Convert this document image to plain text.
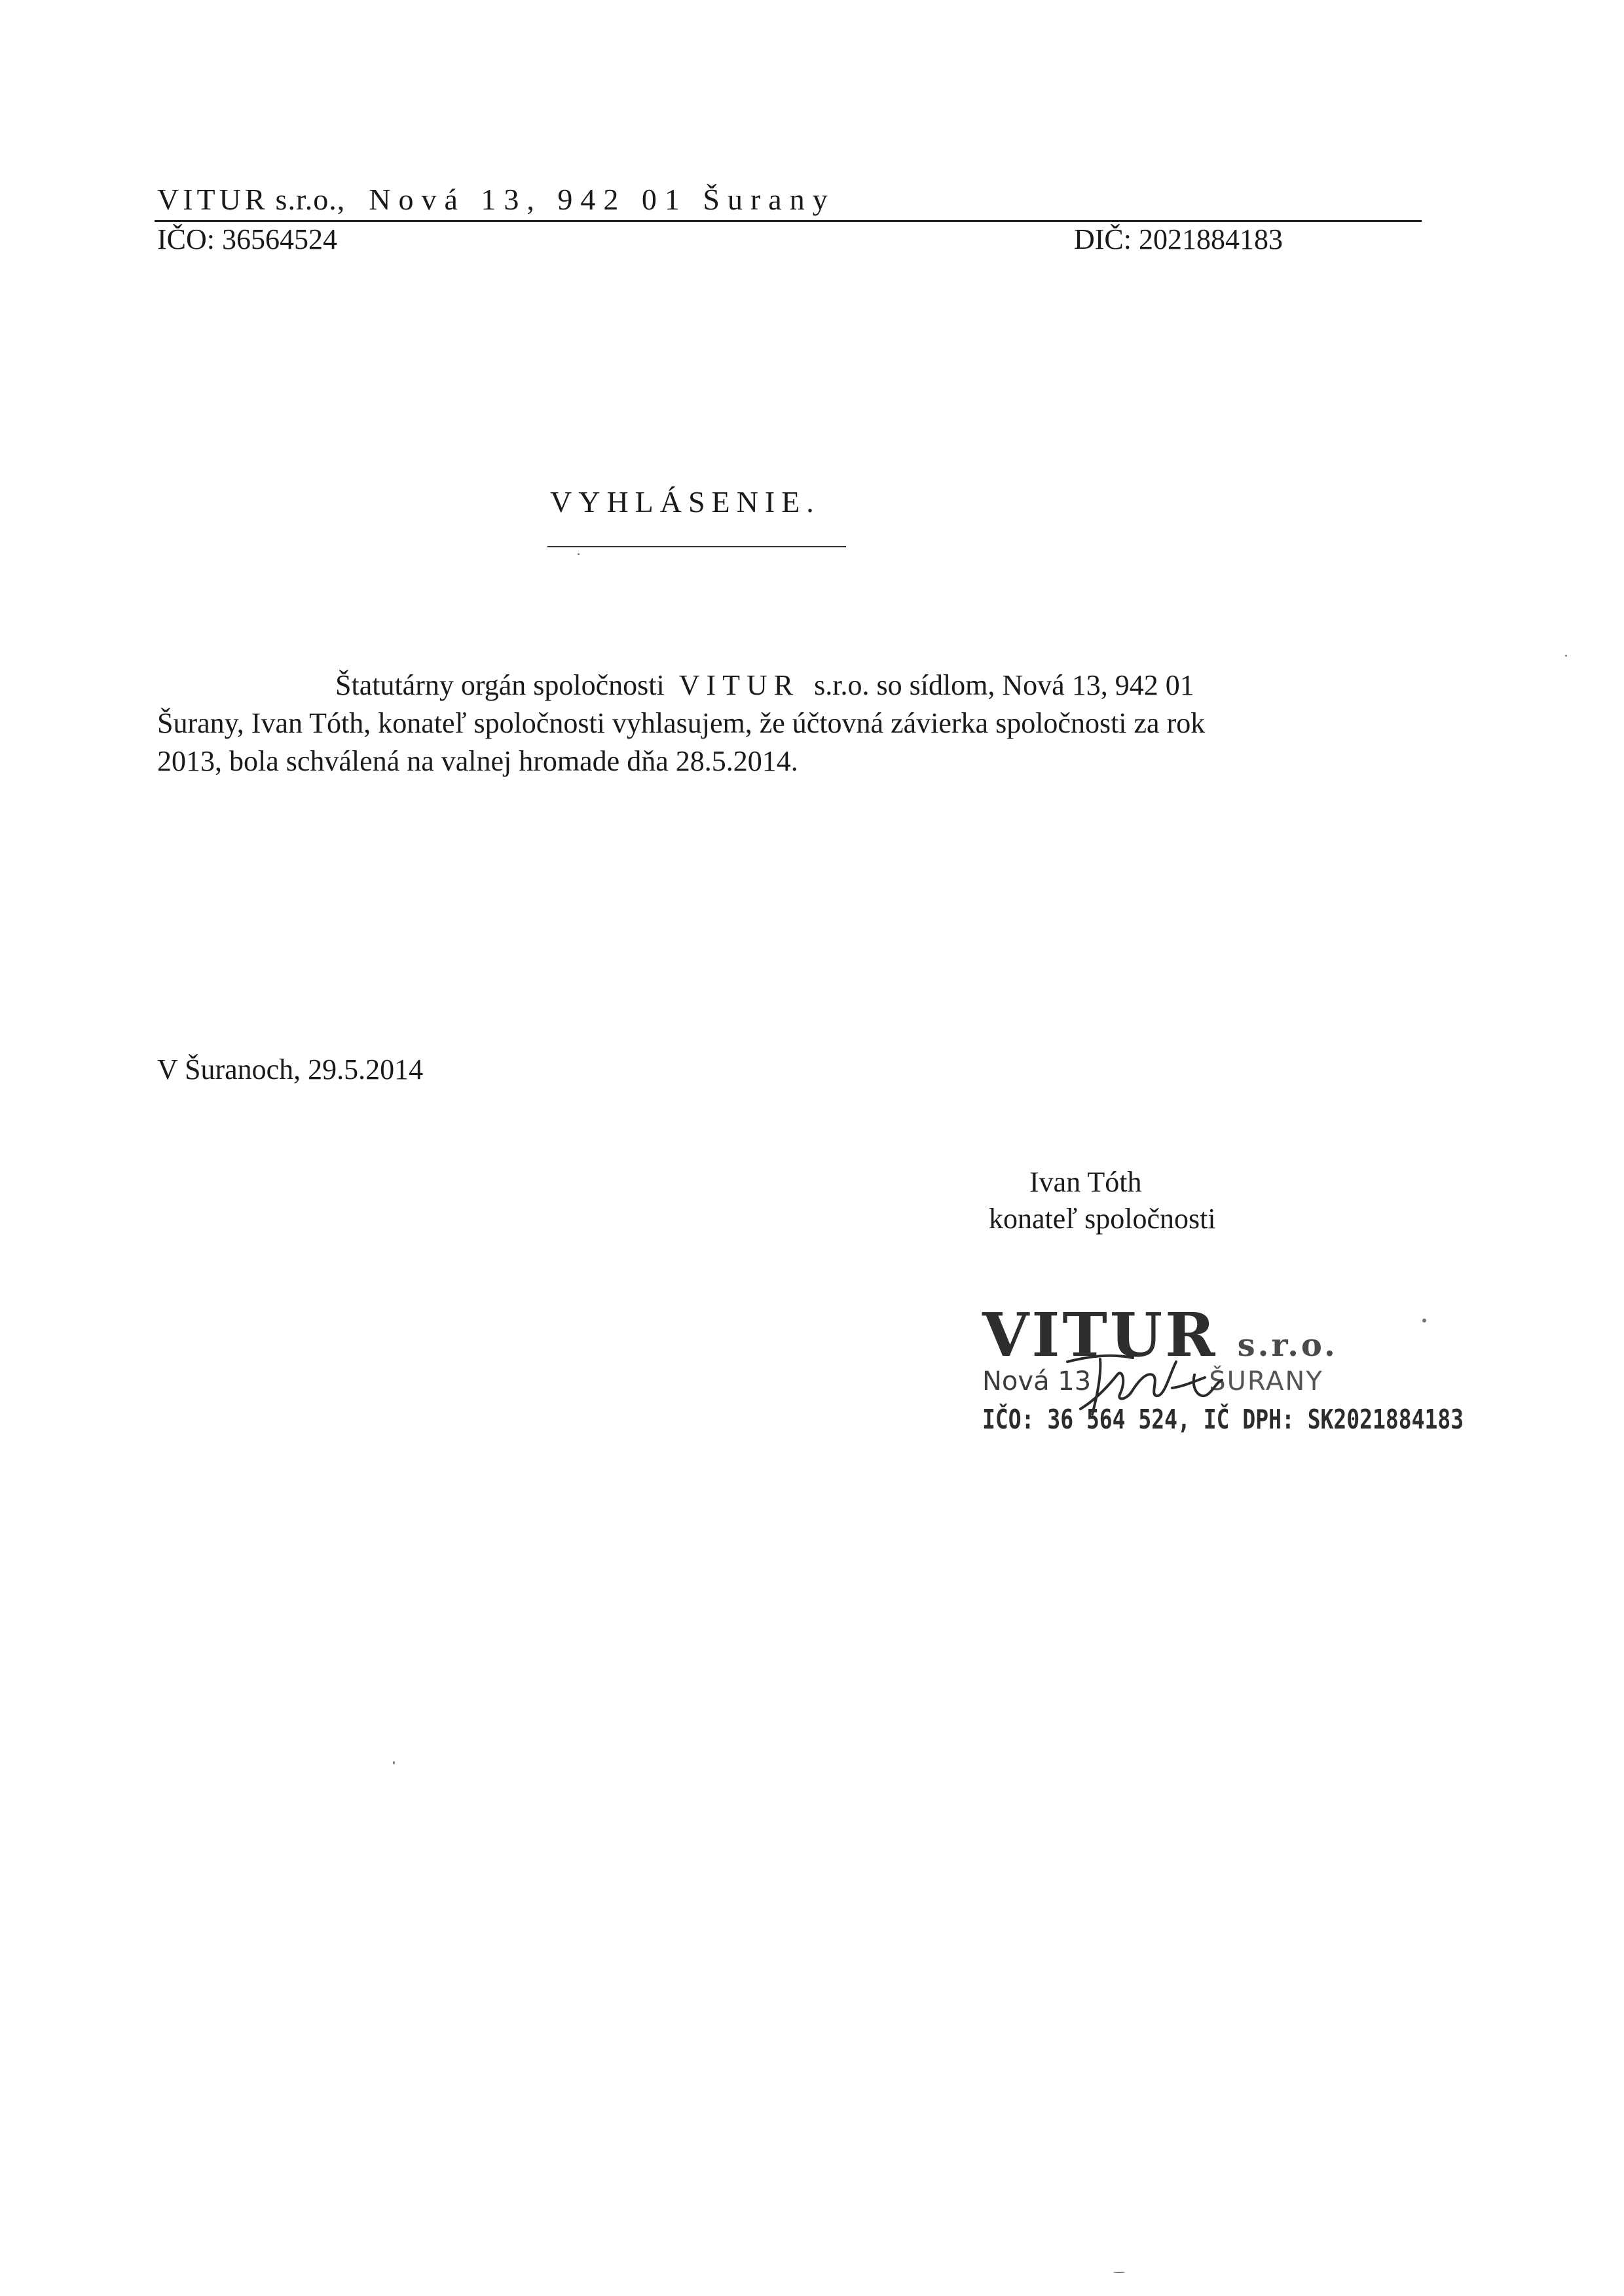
VITUR s.r.o., Nová 13, 942 01 Šurany
IČO: 36564524	DIČ: 2021884183
VYHLÁSENIE.
Štatutárny orgán spoločnosti VITUR s.r.o. so sídlom, Nová 13, 942 01
Šurany, Ivan Tóth, konateľ spoločnosti vyhlasujem, že účtovná závierka spoločnosti za rok
2013, bola schválená na valnej hromade dňa 28.5.2014.
V Šuranoch, 29.5.2014
Ivan Tóth
konateľ spoločnosti
VITUR s.r.o.
Nová 13	ŠURANY
IČO: 36 564 524, IČ DPH: SK2021884183
